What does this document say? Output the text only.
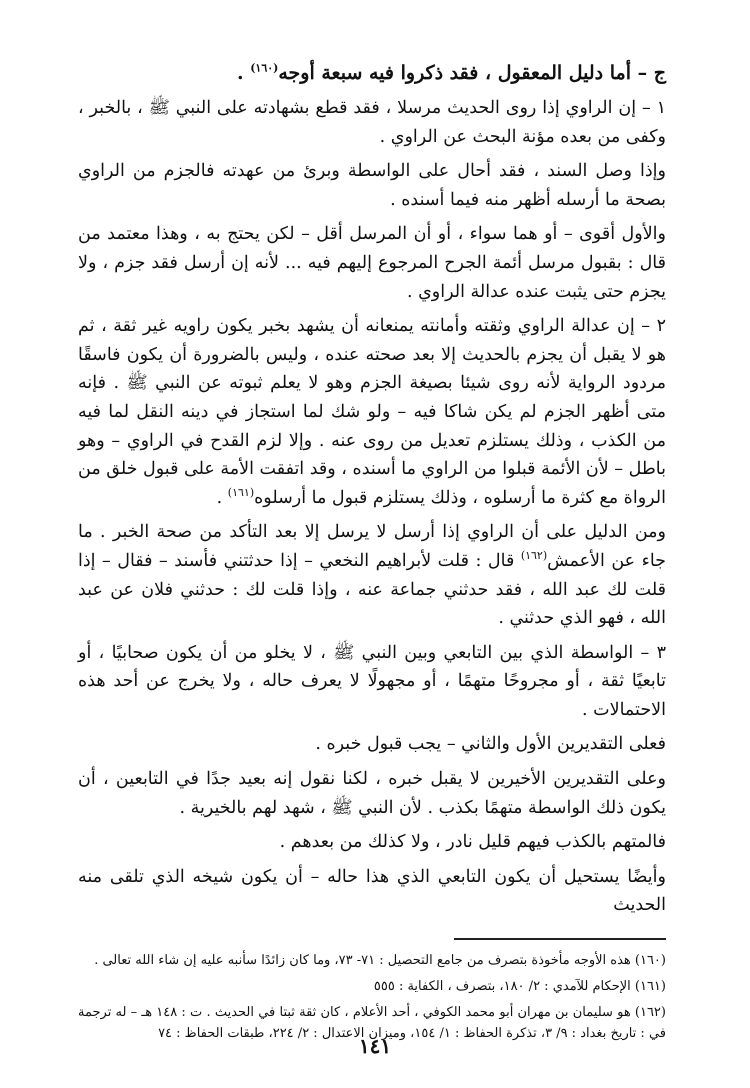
ج – أما دليل المعقول ، فقد ذكروا فيه سبعة أوجه$^{(١٦٠)}$ .
١ – إن الراوي إذا روى الحديث مرسلا ، فقد قطع بشهادته على النبي ﷺ ، بالخبر ، وكفى من بعده مؤنة البحث عن الراوي .
وإذا وصل السند ، فقد أحال على الواسطة وبرئ من عهدته فالجزم من الراوي بصحة ما أرسله أظهر منه فيما أسنده .
والأول أقوى – أو هما سواء ، أو أن المرسل أقل – لكن يحتج به ، وهذا معتمد من قال : بقبول مرسل أئمة الجرح المرجوع إليهم فيه ... لأنه إن أرسل فقد جزم ، ولا يجزم حتى يثبت عنده عدالة الراوي .
٢ – إن عدالة الراوي وثقته وأمانته يمنعانه أن يشهد بخبر يكون راويه غير ثقة ، ثم هو لا يقبل أن يجزم بالحديث إلا بعد صحته عنده ، وليس بالضرورة أن يكون فاسقًا مردود الرواية لأنه روى شيئا بصيغة الجزم وهو لا يعلم ثبوته عن النبي ﷺ . فإنه متى أظهر الجزم لم يكن شاكا فيه – ولو شك لما استجاز في دينه النقل لما فيه من الكذب ، وذلك يستلزم تعديل من روى عنه . وإلا لزم القدح في الراوي – وهو باطل – لأن الأئمة قبلوا من الراوي ما أسنده ، وقد اتفقت الأمة على قبول خلق من الرواة مع كثرة ما أرسلوه ، وذلك يستلزم قبول ما أرسلوه$^{(١٦١)}$ .
ومن الدليل على أن الراوي إذا أرسل لا يرسل إلا بعد التأكد من صحة الخبر . ما جاء عن الأعمش$^{(١٦٢)}$ قال : قلت لأبراهيم النخعي – إذا حدثتني فأسند – فقال – إذا قلت لك عبد الله ، فقد حدثني جماعة عنه ، وإذا قلت لك : حدثني فلان عن عبد الله ، فهو الذي حدثني .
٣ – الواسطة الذي بين التابعي وبين النبي ﷺ ، لا يخلو من أن يكون صحابيًا ، أو تابعيًا ثقة ، أو مجروحًا متهمًا ، أو مجهولًا لا يعرف حاله ، ولا يخرج عن أحد هذه الاحتمالات .
فعلى التقديرين الأول والثاني – يجب قبول خبره .
وعلى التقديرين الأخيرين لا يقبل خبره ، لكنا نقول إنه بعيد جدًا في التابعين ، أن يكون ذلك الواسطة متهمًا بكذب . لأن النبي ﷺ ، شهد لهم بالخيرية .
فالمتهم بالكذب فيهم قليل نادر ، ولا كذلك من بعدهم .
وأيضًا يستحيل أن يكون التابعي الذي هذا حاله – أن يكون شيخه الذي تلقى منه الحديث
(١٦٠) هذه الأوجه مأخوذة بتصرف من جامع التحصيل : ٧١- ٧٣، وما كان زائدًا سأنبه عليه إن شاء الله تعالى .
(١٦١) الإحكام للآمدي : ٢/ ١٨٠، بتصرف ، الكفاية : ٥٥٥
(١٦٢) هو سليمان بن مهران أبو محمد الكوفي ، أحد الأعلام ، كان ثقة ثبتا في الحديث . ت : ١٤٨ هـ – له ترجمة في : تاريخ بغداد : ٩/ ٣، تذكرة الحفاظ : ١/ ١٥٤، وميزان الاعتدال : ٢/ ٢٢٤، طبقات الحفاظ : ٧٤
١٤١
